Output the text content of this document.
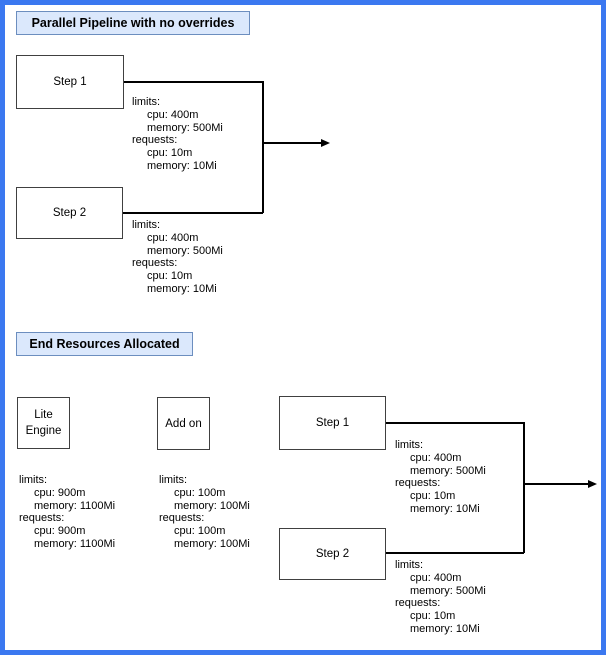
Parallel Pipeline with no overrides
Step 1
Step 2
limits:
cpu: 400m
memory: 500Mi
requests:
cpu: 10m
memory: 10Mi
limits:
cpu: 400m
memory: 500Mi
requests:
cpu: 10m
memory: 10Mi
End Resources Allocated
Lite Engine
Add on	Step 1
Step 2
limits:
cpu: 900m
memory: 1100Mi
requests:
cpu: 900m
memory: 1100Mi
limits:
cpu: 100m
memory: 100Mi
requests:
cpu: 100m
memory: 100Mi
limits:
cpu: 400m
memory: 500Mi
requests:
cpu: 10m
memory: 10Mi
limits:
cpu: 400m
memory: 500Mi
requests:
cpu: 10m
memory: 10Mi
